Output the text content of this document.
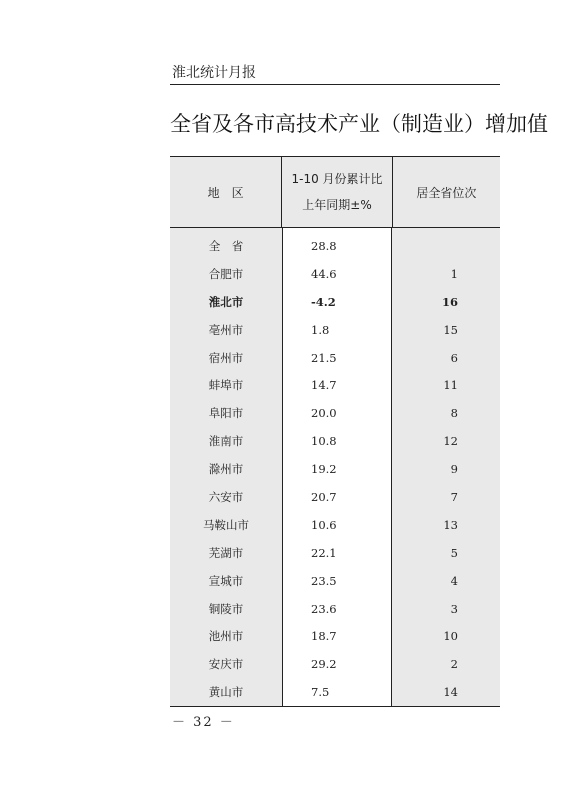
淮北统计月报
全省及各市高技术产业（制造业）增加值
地区
1-10 月份累计比
上年同期±%
居全省位次
全　省
合肥市
淮北市
亳州市
宿州市
蚌埠市
阜阳市
淮南市
滁州市
六安市
马鞍山市
芜湖市
宣城市
铜陵市
池州市
安庆市
黄山市
28.8
44.6
-4.2
1.8
21.5
14.7
20.0
10.8
19.2
20.7
10.6
22.1
23.5
23.6
18.7
29.2
7.5
1
16
15
6
11
8
12
9
7
13
5
4
3
10
2
14
－ 32 －
